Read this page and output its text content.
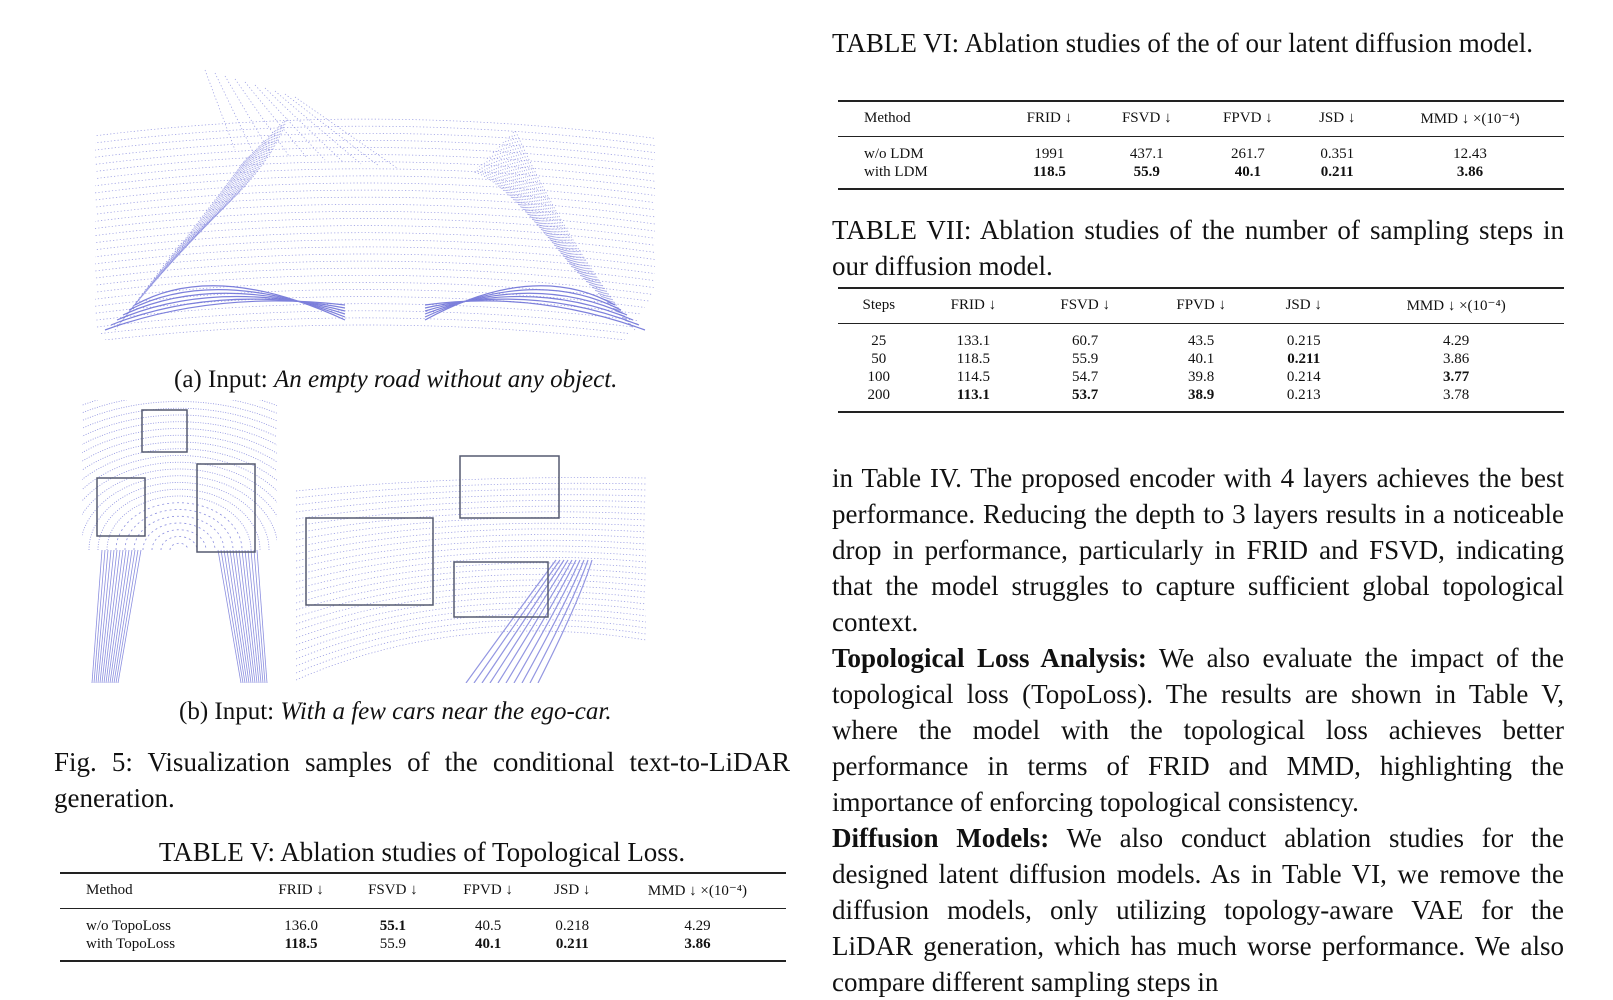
(a) Input: An empty road without any object.
(b) Input: With a few cars near the ego-car.
Fig. 5: Visualization samples of the conditional text-to-LiDAR generation.
TABLE V: Ablation studies of Topological Loss.
Method	FRID ↓	FSVD ↓	FPVD ↓	JSD ↓	MMD ↓ ×(10⁻⁴)
w/o TopoLoss	136.0	55.1	40.5	0.218	4.29
with TopoLoss	118.5	55.9	40.1	0.211	3.86
TABLE VI: Ablation studies of the of our latent diffusion model.
Method	FRID ↓	FSVD ↓	FPVD ↓	JSD ↓	MMD ↓ ×(10⁻⁴)
w/o LDM	1991	437.1	261.7	0.351	12.43
with LDM	118.5	55.9	40.1	0.211	3.86
TABLE VII: Ablation studies of the number of sampling steps in our diffusion model.
Steps	FRID ↓	FSVD ↓	FPVD ↓	JSD ↓	MMD ↓ ×(10⁻⁴)
25	133.1	60.7	43.5	0.215	4.29
50	118.5	55.9	40.1	0.211	3.86
100	114.5	54.7	39.8	0.214	3.77
200	113.1	53.7	38.9	0.213	3.78

in Table IV. The proposed encoder with 4 layers achieves the best performance. Reducing the depth to 3 layers results in a noticeable drop in performance, particularly in FRID and FSVD, indicating that the model struggles to capture sufficient global topological context.

Topological Loss Analysis: We also evaluate the impact of the topological loss (TopoLoss). The results are shown in Table V, where the model with the topological loss achieves better performance in terms of FRID and MMD, highlighting the importance of enforcing topological consistency.

Diffusion Models: We also conduct ablation studies for the designed latent diffusion models. As in Table VI, we remove the diffusion models, only utilizing topology-aware VAE for the LiDAR generation, which has much worse performance. We also compare different sampling steps in
